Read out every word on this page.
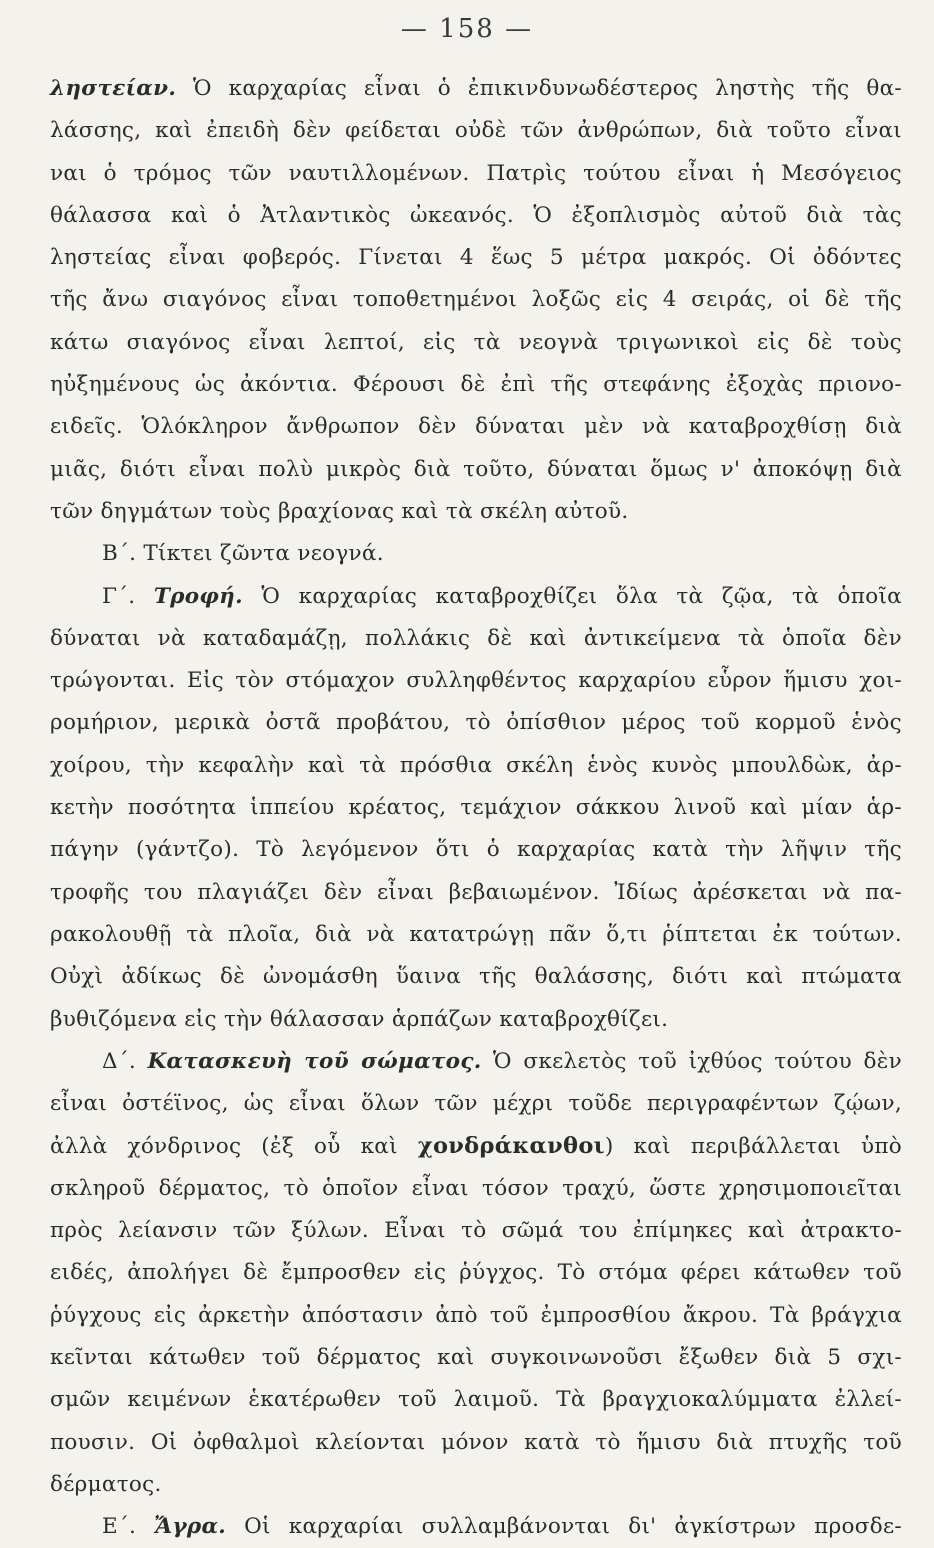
— 158 —
ληστείαν. Ὁ καρχαρίας εἶναι ὁ ἐπικινδυνωδέστερος ληστὴς τῆς θα-
λάσσης, καὶ ἐπειδὴ δὲν φείδεται οὐδὲ τῶν ἀνθρώπων, διὰ τοῦτο εἶναι
ναι ὁ τρόμος τῶν ναυτιλλομένων. Πατρὶς τούτου εἶναι ἡ Μεσόγειος
θάλασσα καὶ ὁ Ἀτλαντικὸς ὠκεανός. Ὁ ἐξοπλισμὸς αὐτοῦ διὰ τὰς
ληστείας εἶναι φοβερός. Γίνεται 4 ἕως 5 μέτρα μακρός. Οἱ ὀδόντες
τῆς ἄνω σιαγόνος εἶναι τοποθετημένοι λοξῶς εἰς 4 σειράς, οἱ δὲ τῆς
κάτω σιαγόνος εἶναι λεπτοί, εἰς τὰ νεογνὰ τριγωνικοὶ εἰς δὲ τοὺς
ηὐξημένους ὡς ἀκόντια. Φέρουσι δὲ ἐπὶ τῆς στεφάνης ἐξοχὰς πριονο-
ειδεῖς. Ὁλόκληρον ἄνθρωπον δὲν δύναται μὲν νὰ καταβροχθίσῃ διὰ
μιᾶς, διότι εἶναι πολὺ μικρὸς διὰ τοῦτο, δύναται ὅμως ν' ἀποκόψῃ διὰ
τῶν δηγμάτων τοὺς βραχίονας καὶ τὰ σκέλη αὐτοῦ.
Β΄. Τίκτει ζῶντα νεογνά.
Γ΄. Τροφή. Ὁ καρχαρίας καταβροχθίζει ὅλα τὰ ζῷα, τὰ ὁποῖα
δύναται νὰ καταδαμάζῃ, πολλάκις δὲ καὶ ἀντικείμενα τὰ ὁποῖα δὲν
τρώγονται. Εἰς τὸν στόμαχον συλληφθέντος καρχαρίου εὗρον ἥμισυ χοι-
ρομήριον, μερικὰ ὀστᾶ προβάτου, τὸ ὀπίσθιον μέρος τοῦ κορμοῦ ἑνὸς
χοίρου, τὴν κεφαλὴν καὶ τὰ πρόσθια σκέλη ἑνὸς κυνὸς μπουλδὼκ, ἀρ-
κετὴν ποσότητα ἱππείου κρέατος, τεμάχιον σάκκου λινοῦ καὶ μίαν ἁρ-
πάγην (γάντζο). Τὸ λεγόμενον ὅτι ὁ καρχαρίας κατὰ τὴν λῆψιν τῆς
τροφῆς του πλαγιάζει δὲν εἶναι βεβαιωμένον. Ἰδίως ἀρέσκεται νὰ πα-
ρακολουθῇ τὰ πλοῖα, διὰ νὰ κατατρώγῃ πᾶν ὅ,τι ῥίπτεται ἐκ τούτων.
Οὐχὶ ἀδίκως δὲ ὠνομάσθη ὕαινα τῆς θαλάσσης, διότι καὶ πτώματα
βυθιζόμενα εἰς τὴν θάλασσαν ἁρπάζων καταβροχθίζει.
Δ΄. Κατασκευὴ τοῦ σώματος. Ὁ σκελετὸς τοῦ ἰχθύος τούτου δὲν
εἶναι ὀστέϊνος, ὡς εἶναι ὅλων τῶν μέχρι τοῦδε περιγραφέντων ζῴων,
ἀλλὰ χόνδρινος (ἐξ οὗ καὶ χονδράκανθοι) καὶ περιβάλλεται ὑπὸ
σκληροῦ δέρματος, τὸ ὁποῖον εἶναι τόσον τραχύ, ὥστε χρησιμοποιεῖται
πρὸς λείανσιν τῶν ξύλων. Εἶναι τὸ σῶμά του ἐπίμηκες καὶ ἀτρακτο-
ειδές, ἀπολήγει δὲ ἔμπροσθεν εἰς ῥύγχος. Τὸ στόμα φέρει κάτωθεν τοῦ
ῥύγχους εἰς ἀρκετὴν ἀπόστασιν ἀπὸ τοῦ ἐμπροσθίου ἄκρου. Τὰ βράγχια
κεῖνται κάτωθεν τοῦ δέρματος καὶ συγκοινωνοῦσι ἔξωθεν διὰ 5 σχι-
σμῶν κειμένων ἑκατέρωθεν τοῦ λαιμοῦ. Τὰ βραγχιοκαλύμματα ἐλλεί-
πουσιν. Οἱ ὀφθαλμοὶ κλείονται μόνον κατὰ τὸ ἥμισυ διὰ πτυχῆς τοῦ
δέρματος.
Ε΄. Ἄγρα. Οἱ καρχαρίαι συλλαμβάνονται δι' ἀγκίστρων προσδε-
